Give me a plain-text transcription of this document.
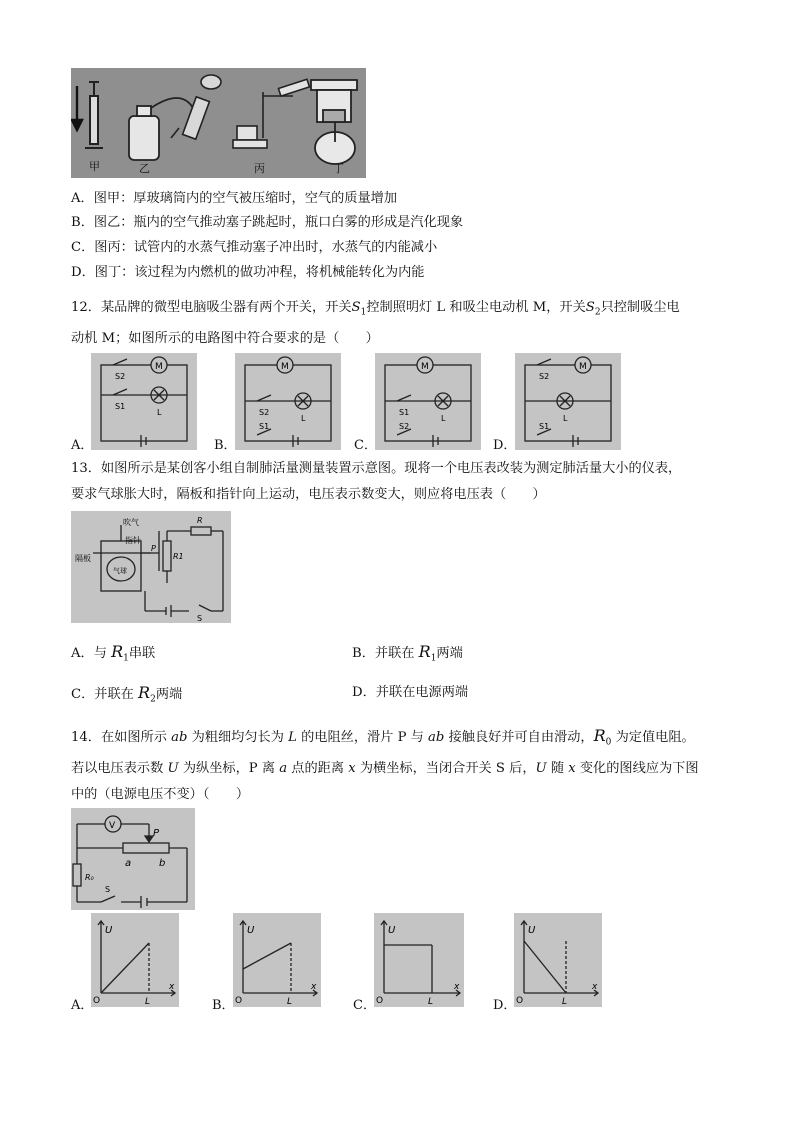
甲	乙	丙	丁
A．图甲：厚玻璃筒内的空气被压缩时，空气的质量增加
B．图乙：瓶内的空气推动塞子跳起时，瓶口白雾的形成是汽化现象
C．图丙：试管内的水蒸气推动塞子冲出时，水蒸气的内能减小
D．图丁：该过程为内燃机的做功冲程，将机械能转化为内能
12．某品牌的微型电脑吸尘器有两个开关，开关$S_1$控制照明灯 L 和吸尘电动机 M，开关$S_2$只控制吸尘电
动机 M；如图所示的电路图中符合要求的是（　　）
M
S2
S1
L
A．
M
S2
S1
L
B．
M
S1
S2
L
C．
M
S2
S1
L
D．
13．如图所示是某创客小组自制肺活量测量装置示意图。现将一个电压表改装为测定肺活量大小的仪表，
要求气球胀大时，隔板和指针向上运动，电压表示数变大，则应将电压表（　　）
吹气
指针
隔板
气球
P
R1
R
S
A．与 $R_1$串联	B．并联在 $R_1$两端
C．并联在 $R_2$两端	D．并联在电源两端
14．在如图所示 ab 为粗细均匀长为 L 的电阻丝，滑片 P 与 ab 接触良好并可自由滑动，$R_0$ 为定值电阻。
若以电压表示数 U 为纵坐标，P 离 a 点的距离 x 为横坐标，当闭合开关 S 后，U 随 x 变化的图线应为下图
中的（电源电压不变）（　　）
V
P
a	b
R₀
S
U
O	L
x
A．
U
O	L
x
B．
U
O	L
x
C．
U
O	L
x
D．
